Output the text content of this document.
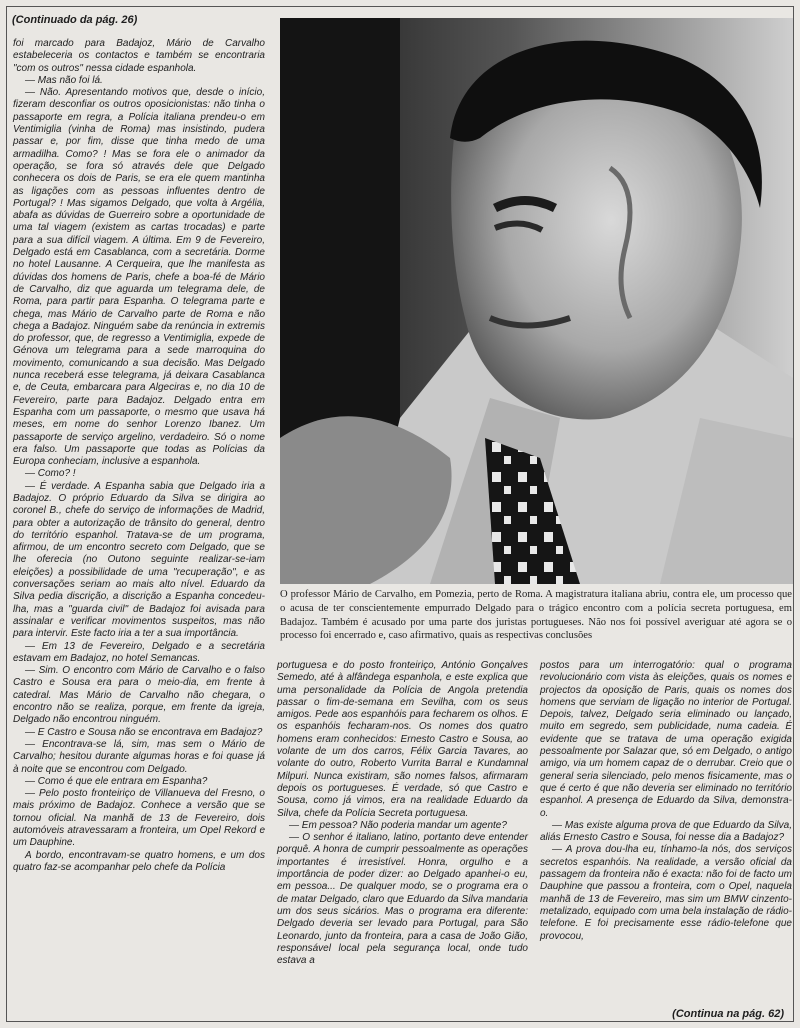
(Continuado da pág. 26)

foi marcado para Badajoz, Mário de Carvalho estabeleceria os contactos e também se encontraria "com os outros" nessa cidade espanhola.

— Mas não foi lá.

— Não. Apresentando motivos que, desde o início, fizeram desconfiar os outros oposicionistas: não tinha o passaporte em regra, a Polícia italiana prendeu-o em Ventimiglia (vinha de Roma) mas insistindo, pudera passar e, por fim, disse que tinha medo de uma armadilha. Como? ! Mas se fora ele o animador da operação, se fora só através dele que Delgado conhecera os dois de Paris, se era ele quem mantinha as ligações com as pessoas influentes dentro de Portugal? ! Mas sigamos Delgado, que volta à Argélia, abafa as dúvidas de Guerreiro sobre a oportunidade de uma tal viagem (existem as cartas trocadas) e parte para a sua difícil viagem. A última. Em 9 de Fevereiro, Delgado está em Casablanca, com a secretária. Dorme no hotel Lausanne. A Cerqueira, que lhe manifesta as dúvidas dos homens de Paris, chefe a boa-fé de Mário de Carvalho, diz que aguarda um telegrama dele, de Roma, para partir para Espanha. O telegrama parte e chega, mas Mário de Carvalho parte de Roma e não chega a Badajoz. Ninguém sabe da renúncia in extremis do professor, que, de regresso a Ventimiglia, expede de Génova um telegrama para a sede marroquina do movimento, comunicando a sua decisão. Mas Delgado nunca receberá esse telegrama, já deixara Casablanca e, de Ceuta, embarcara para Algeciras e, no dia 10 de Fevereiro, parte para Badajoz. Delgado entra em Espanha com um passaporte, o mesmo que usava há meses, em nome do senhor Lorenzo Ibanez. Um passaporte de serviço argelino, verdadeiro. Só o nome era falso. Um passaporte que todas as Polícias da Europa conheciam, inclusive a espanhola.

— Como? !

— É verdade. A Espanha sabia que Delgado iria a Badajoz. O próprio Eduardo da Silva se dirigira ao coronel B., chefe do serviço de informações de Madrid, para obter a autorização de trânsito do general, dentro do território espanhol. Tratava-se de um programa, afirmou, de um encontro secreto com Delgado, que se lhe oferecia (no Outono seguinte realizar-se-iam eleições) a possibilidade de uma "recuperação", e as conversações seriam ao mais alto nível. Eduardo da Silva pedia discrição, a discrição a Espanha concedeu-lha, mas a "guarda civil" de Badajoz foi avisada para assinalar e verificar movimentos suspeitos, mas não para intervir. Este facto iria a ter a sua importância.

— Em 13 de Fevereiro, Delgado e a secretária estavam em Badajoz, no hotel Semancas.

— Sim. O encontro com Mário de Carvalho e o falso Castro e Sousa era para o meio-dia, em frente à catedral. Mas Mário de Carvalho não chegara, o encontro não se realiza, porque, em frente da igreja, Delgado não encontrou ninguém.

— E Castro e Sousa não se encontrava em Badajoz?

— Encontrava-se lá, sim, mas sem o Mário de Carvalho; hesitou durante algumas horas e foi quase já à noite que se encontrou com Delgado.

— Como é que ele entrara em Espanha?

— Pelo posto fronteiriço de Villanueva del Fresno, o mais próximo de Badajoz. Conhece a versão que se tornou oficial. Na manhã de 13 de Fevereiro, dois automóveis atravessaram a fronteira, um Opel Rekord e um Dauphine.

A bordo, encontravam-se quatro homens, e um dos quatro faz-se acompanhar pelo chefe da Polícia

O professor Mário de Carvalho, em Pomezia, perto de Roma. A magistratura italiana abriu, contra ele, um processo que o acusa de ter conscientemente empurrado Delgado para o trágico encontro com a polícia secreta portuguesa, em Badajoz. Também é acusado por uma parte dos juristas portugueses. Não nos foi possível averiguar até agora se o processo foi encerrado e, caso afirmativo, quais as respectivas conclusões

portuguesa e do posto fronteiriço, António Gonçalves Semedo, até à alfândega espanhola, e este explica que uma personalidade da Polícia de Angola pretendia passar o fim-de-semana em Sevilha, com os seus amigos. Pede aos espanhóis para fecharem os olhos. E os espanhóis fecharam-nos. Os nomes dos quatro homens eram conhecidos: Ernesto Castro e Sousa, ao volante de um dos carros, Félix Garcia Tavares, ao volante do outro, Roberto Vurrita Barral e Kundamnal Milpuri. Nunca existiram, são nomes falsos, afirmaram depois os portugueses. É verdade, só que Castro e Sousa, como já vimos, era na realidade Eduardo da Silva, chefe da Polícia Secreta portuguesa.

— Em pessoa? Não poderia mandar um agente?

— O senhor é italiano, latino, portanto deve entender porquê. A honra de cumprir pessoalmente as operações importantes é irresistível. Honra, orgulho e a importância de poder dizer: ao Delgado apanhei-o eu, em pessoa... De qualquer modo, se o programa era o de matar Delgado, claro que Eduardo da Silva mandaria um dos seus sicários. Mas o programa era diferente: Delgado deveria ser levado para Portugal, para São Leonardo, junto da fronteira, para a casa de João Gião, responsável local pela segurança local, onde tudo estava a

postos para um interrogatório: qual o programa revolucionário com vista às eleições, quais os nomes e projectos da oposição de Paris, quais os nomes dos homens que serviam de ligação no interior de Portugal. Depois, talvez, Delgado seria eliminado ou lançado, muito em segredo, sem publicidade, numa cadeia. É evidente que se tratava de uma operação exigida pessoalmente por Salazar que, só em Delgado, o antigo amigo, via um homem capaz de o derrubar. Creio que o general seria silenciado, pelo menos fisicamente, mas o que é certo é que não deveria ser eliminado no território espanhol. A presença de Eduardo da Silva, demonstra-o.

— Mas existe alguma prova de que Eduardo da Silva, aliás Ernesto Castro e Sousa, foi nesse dia a Badajoz?

— A prova dou-lha eu, tínhamo-la nós, dos serviços secretos espanhóis. Na realidade, a versão oficial da passagem da fronteira não é exacta: não foi de facto um Dauphine que passou a fronteira, com o Opel, naquela manhã de 13 de Fevereiro, mas sim um BMW cinzento-metalizado, equipado com uma bela instalação de rádio-telefone. E foi precisamente esse rádio-telefone que provocou,

(Continua na pág. 62)
